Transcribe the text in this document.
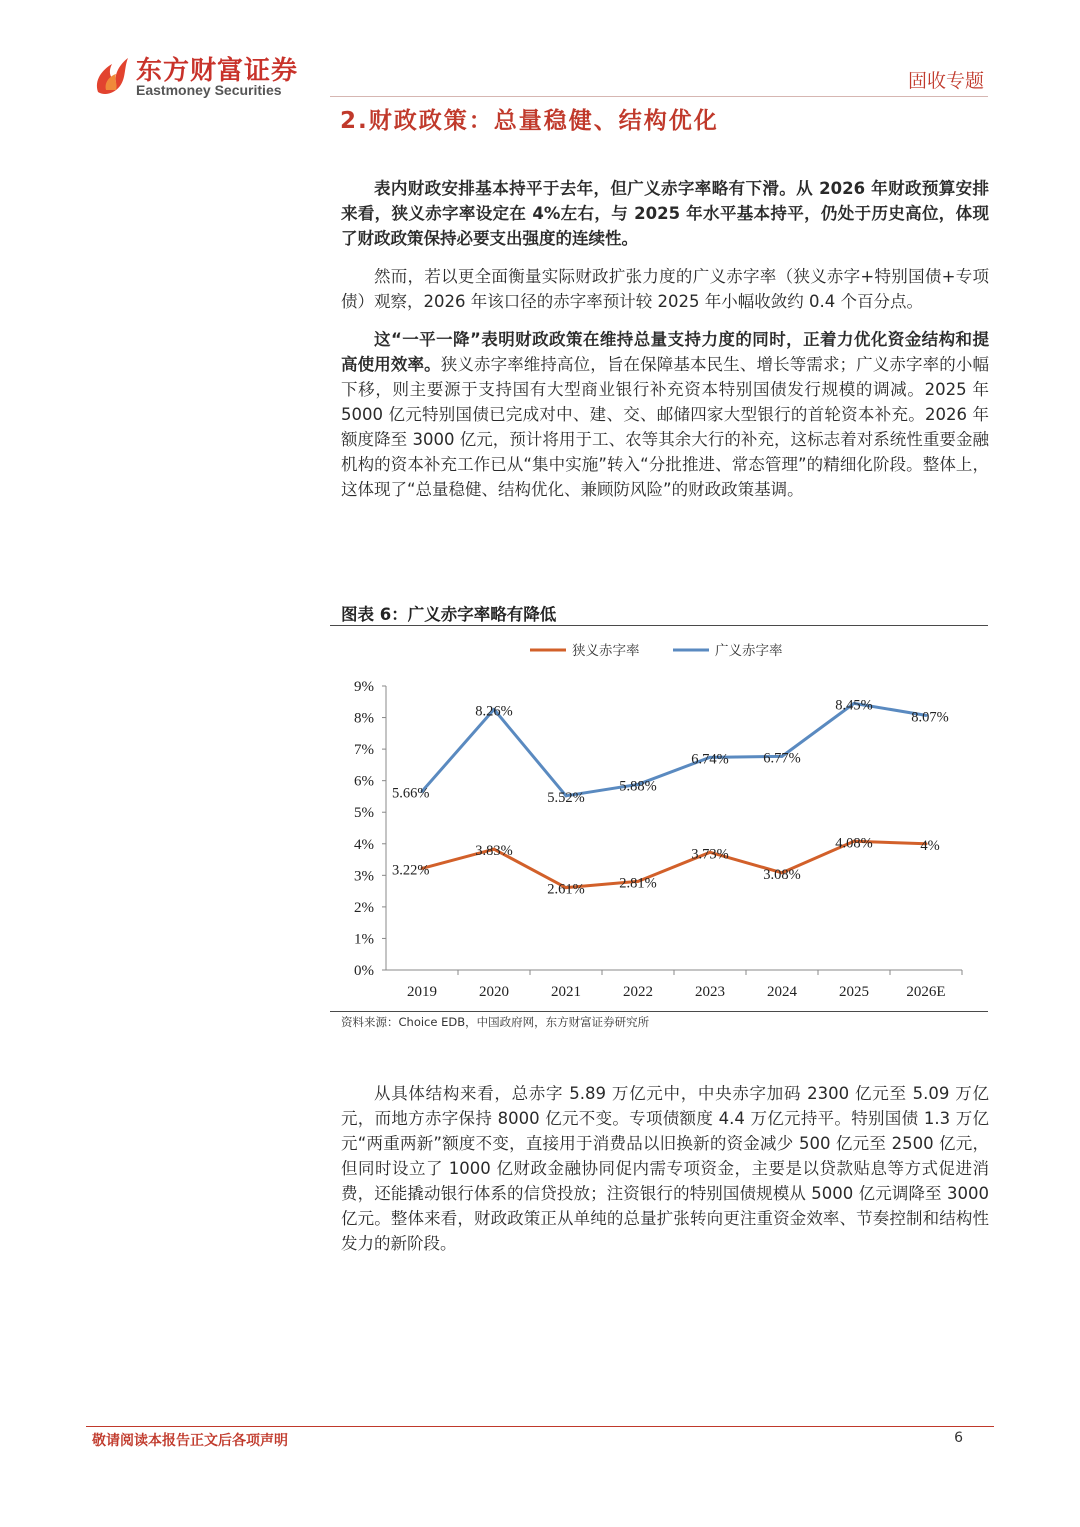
东方财富证券
Eastmoney Securities	固收专题
2.财政政策：总量稳健、结构优化

表内财政安排基本持平于去年，但广义赤字率略有下滑。从 2026 年财政预算安排来看，狭义赤字率设定在 4%左右，与 2025 年水平基本持平，仍处于历史高位，体现了财政政策保持必要支出强度的连续性。

然而，若以更全面衡量实际财政扩张力度的广义赤字率（狭义赤字+特别国债+专项债）观察，2026 年该口径的赤字率预计较 2025 年小幅收敛约 0.4 个百分点。

这“一平一降”表明财政政策在维持总量支持力度的同时，正着力优化资金结构和提高使用效率。狭义赤字率维持高位，旨在保障基本民生、增长等需求；广义赤字率的小幅下移，则主要源于支持国有大型商业银行补充资本特别国债发行规模的调减。2025 年 5000 亿元特别国债已完成对中、建、交、邮储四家大型银行的首轮资本补充。2026 年额度降至 3000 亿元，预计将用于工、农等其余大行的补充，这标志着对系统性重要金融机构的资本补充工作已从“集中实施”转入“分批推进、常态管理”的精细化阶段。整体上，这体现了“总量稳健、结构优化、兼顾防风险”的财政政策基调。

图表 6：广义赤字率略有降低
0%
1%
2%
3%
4%
5%
6%
7%
8%
9%
2019	2020	2021	2022	2023	2024	2025 2026E
狭义赤字率	广义赤字率
3.22%
3.83%
2.61% 2.81%
3.73%
3.08%
4.08%	4%
5.66%
8.26%
5.52%
5.88%
6.74% 6.77%
8.45%
8.07%
资料来源：Choice EDB，中国政府网，东方财富证券研究所

从具体结构来看，总赤字 5.89 万亿元中，中央赤字加码 2300 亿元至 5.09 万亿元，而地方赤字保持 8000 亿元不变。专项债额度 4.4 万亿元持平。特别国债 1.3 万亿元“两重两新”额度不变，直接用于消费品以旧换新的资金减少 500 亿元至 2500 亿元，但同时设立了 1000 亿财政金融协同促内需专项资金，主要是以贷款贴息等方式促进消费，还能撬动银行体系的信贷投放；注资银行的特别国债规模从 5000 亿元调降至 3000 亿元。整体来看，财政政策正从单纯的总量扩张转向更注重资金效率、节奏控制和结构性发力的新阶段。

敬请阅读本报告正文后各项声明	6
